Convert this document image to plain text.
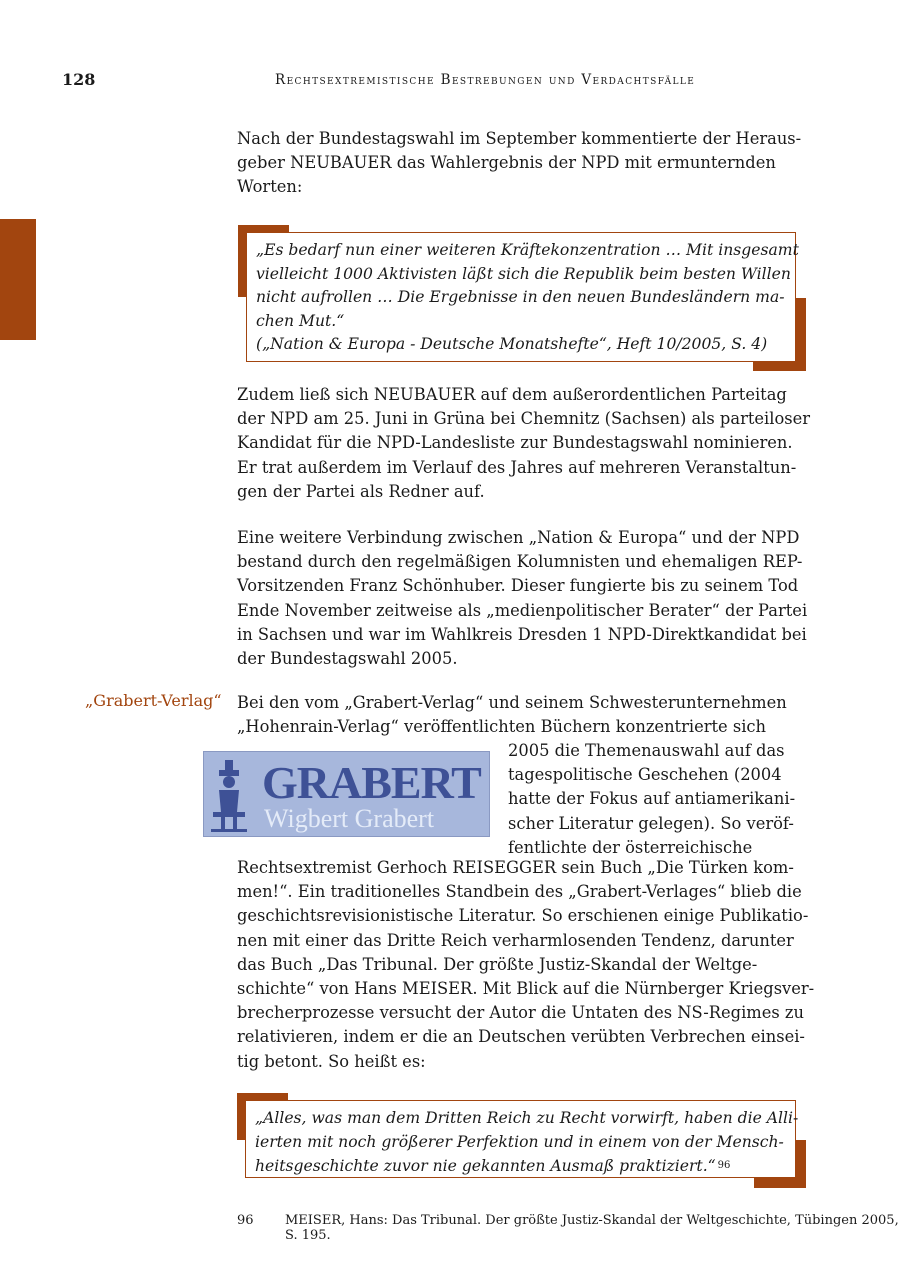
128	Rechtsextremistische Bestrebungen und Verdachtsfälle

Nach der Bundestagswahl im September kommentierte der Heraus-
geber NEUBAUER das Wahlergebnis der NPD mit ermunternden
Worten:

„Es bedarf nun einer weiteren Kräftekonzentration … Mit insgesamt
vielleicht 1000 Aktivisten läßt sich die Republik beim besten Willen
nicht aufrollen … Die Ergebnisse in den neuen Bundesländern ma-
chen Mut.“
(„Nation & Europa - Deutsche Monatshefte“, Heft 10/2005, S. 4)

Zudem ließ sich NEUBAUER auf dem außerordentlichen Parteitag
der NPD am 25. Juni in Grüna bei Chemnitz (Sachsen) als parteiloser
Kandidat für die NPD-Landesliste zur Bundestagswahl nominieren.
Er trat außerdem im Verlauf des Jahres auf mehreren Veranstaltun-
gen der Partei als Redner auf.

Eine weitere Verbindung zwischen „Nation & Europa“ und der NPD
bestand durch den regelmäßigen Kolumnisten und ehemaligen REP-
Vorsitzenden Franz Schönhuber. Dieser fungierte bis zu seinem Tod
Ende November zeitweise als „medienpolitischer Berater“ der Partei
in Sachsen und war im Wahlkreis Dresden 1 NPD-Direktkandidat bei
der Bundestagswahl 2005.

„Grabert-Verlag“ Bei den vom „Grabert-Verlag“ und seinem Schwesterunternehmen
„Hohenrain-Verlag“ veröffentlichten Büchern konzentrierte sich

GRABERT
Wigbert Grabert

2005 die Themenauswahl auf das
tagespolitische Geschehen (2004
hatte der Fokus auf antiamerikani-
scher Literatur gelegen). So veröf-
fentlichte der österreichische

Rechtsextremist Gerhoch REISEGGER sein Buch „Die Türken kom-
men!“. Ein traditionelles Standbein des „Grabert-Verlages“ blieb die
geschichtsrevisionistische Literatur. So erschienen einige Publikatio-
nen mit einer das Dritte Reich verharmlosenden Tendenz, darunter
das Buch „Das Tribunal. Der größte Justiz-Skandal der Weltge-
schichte“ von Hans MEISER. Mit Blick auf die Nürnberger Kriegsver-
brecherprozesse versucht der Autor die Untaten des NS-Regimes zu
relativieren, indem er die an Deutschen verübten Verbrechen einsei-
tig betont. So heißt es:

„Alles, was man dem Dritten Reich zu Recht vorwirft, haben die Alli-
ierten mit noch größerer Perfektion und in einem von der Mensch-
heitsgeschichte zuvor nie gekannten Ausmaß praktiziert.“ $^{96}$
96 MEISER, Hans: Das Tribunal. Der größte Justiz-Skandal der Weltgeschichte, Tübingen 2005,
S. 195.
